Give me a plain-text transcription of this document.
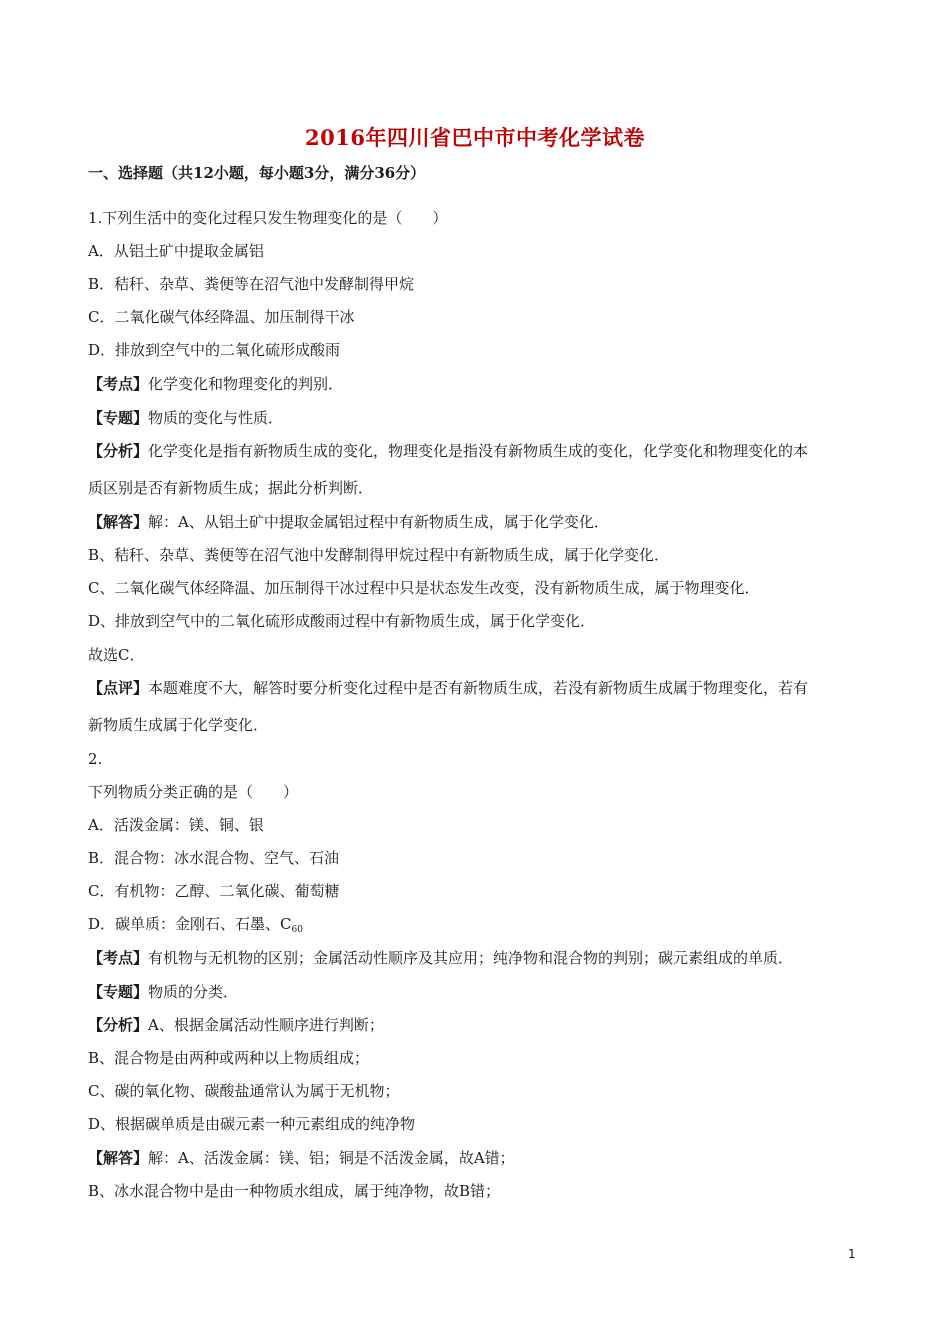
2016年四川省巴中市中考化学试卷
一、选择题（共12小题，每小题3分，满分36分）
1.下列生活中的变化过程只发生物理变化的是（　　）
A．从铝土矿中提取金属铝
B．秸秆、杂草、粪便等在沼气池中发酵制得甲烷
C．二氧化碳气体经降温、加压制得干冰
D．排放到空气中的二氧化硫形成酸雨
【考点】化学变化和物理变化的判别．
【专题】物质的变化与性质．
【分析】化学变化是指有新物质生成的变化，物理变化是指没有新物质生成的变化，化学变化和物理变化的本
质区别是否有新物质生成；据此分析判断．
【解答】解：A、从铝土矿中提取金属铝过程中有新物质生成，属于化学变化．
B、秸秆、杂草、粪便等在沼气池中发酵制得甲烷过程中有新物质生成，属于化学变化．
C、二氧化碳气体经降温、加压制得干冰过程中只是状态发生改变，没有新物质生成，属于物理变化．
D、排放到空气中的二氧化硫形成酸雨过程中有新物质生成，属于化学变化．
故选C．
【点评】本题难度不大，解答时要分析变化过程中是否有新物质生成，若没有新物质生成属于物理变化，若有
新物质生成属于化学变化．
2.
下列物质分类正确的是（　　）
A．活泼金属：镁、铜、银
B．混合物：冰水混合物、空气、石油
C．有机物：乙醇、二氧化碳、葡萄糖
D．碳单质：金刚石、石墨、$C_{60}$
【考点】有机物与无机物的区别；金属活动性顺序及其应用；纯净物和混合物的判别；碳元素组成的单质．
【专题】物质的分类．
【分析】A、根据金属活动性顺序进行判断；
B、混合物是由两种或两种以上物质组成；
C、碳的氧化物、碳酸盐通常认为属于无机物；
D、根据碳单质是由碳元素一种元素组成的纯净物
【解答】解：A、活泼金属：镁、铝；铜是不活泼金属，故A错；
B、冰水混合物中是由一种物质水组成，属于纯净物，故B错；
1
